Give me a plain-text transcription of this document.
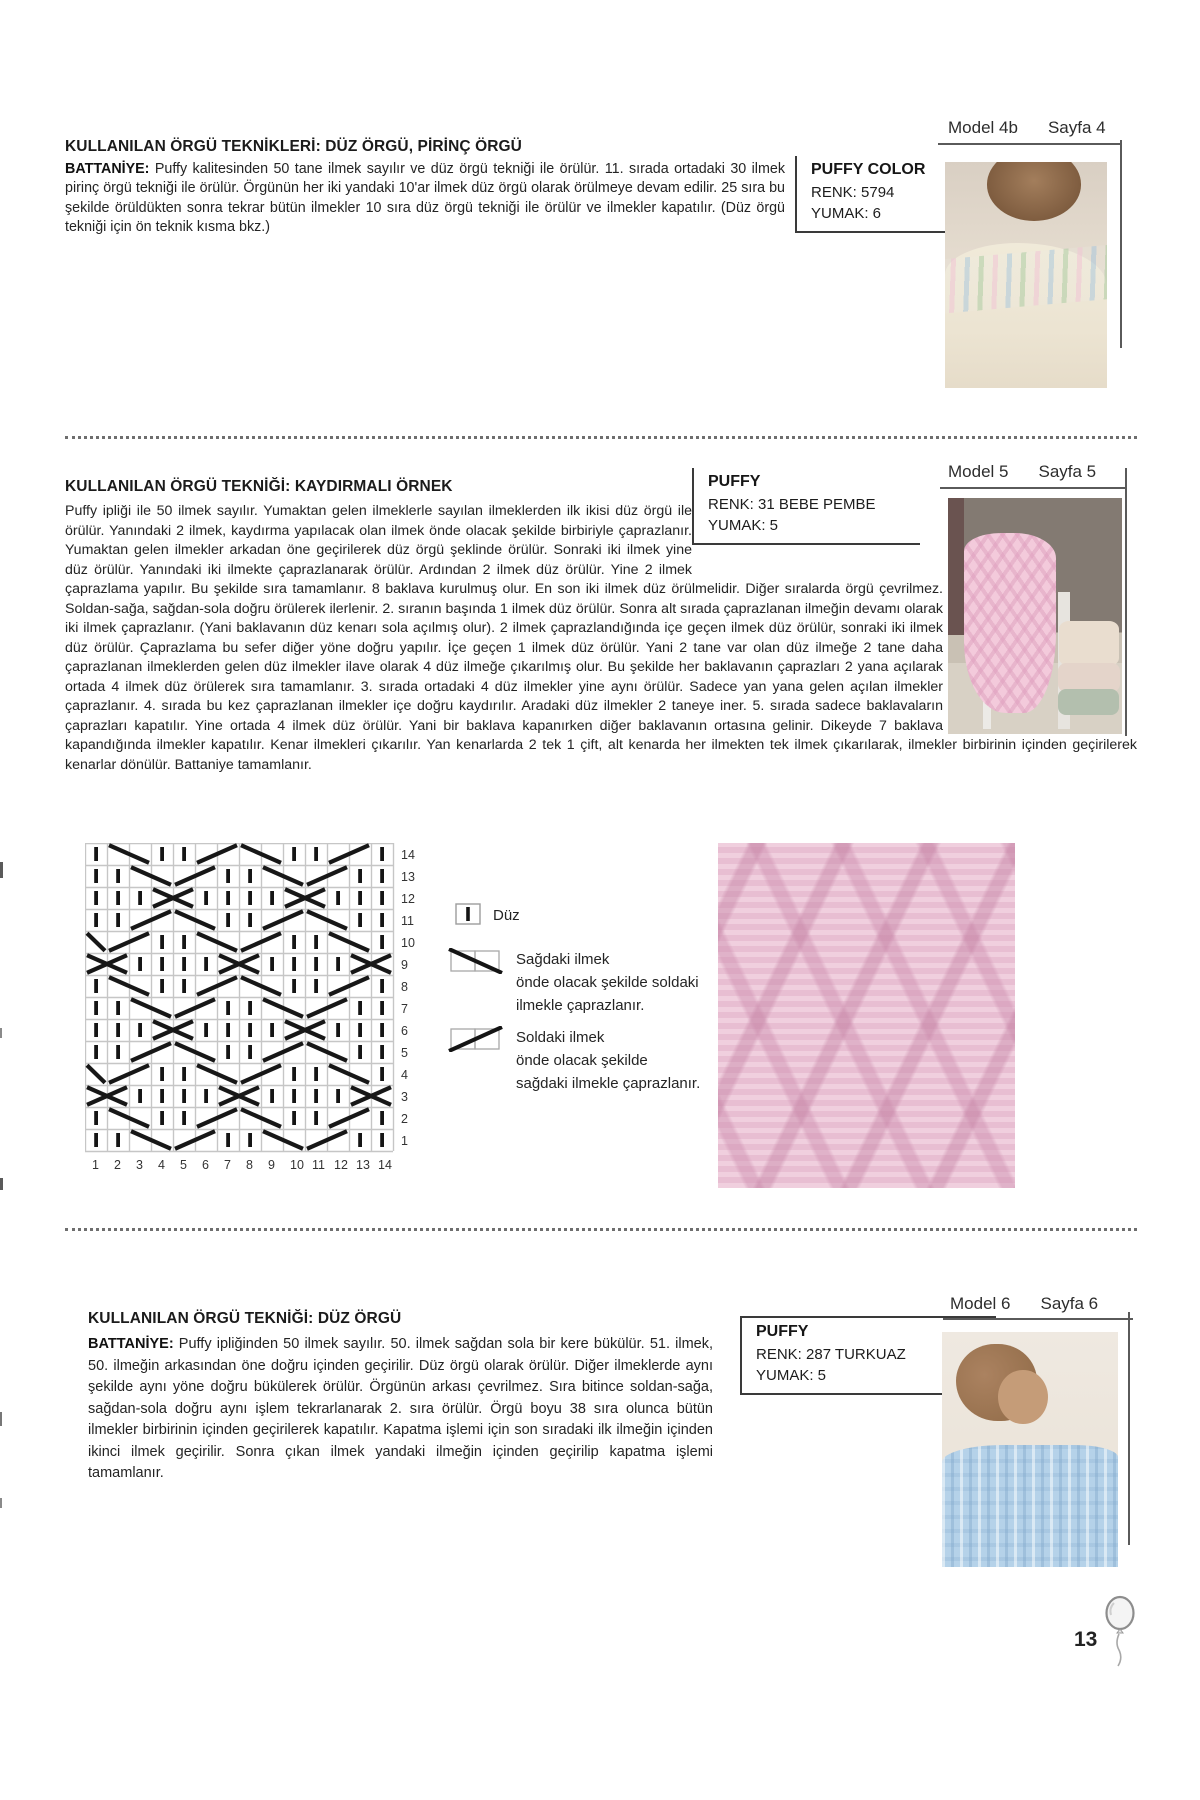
KULLANILAN ÖRGÜ TEKNİKLERİ: DÜZ ÖRGÜ, PİRİNÇ ÖRGÜ

BATTANİYE: Puffy kalitesinden 50 tane ilmek sayılır ve düz örgü tekniği ile örülür. 11. sırada ortadaki 30 ilmek pirinç örgü tekniği ile örülür. Örgünün her iki yandaki 10'ar ilmek düz örgü olarak örülmeye devam edilir. 25 sıra bu şekilde örüldükten sonra tekrar bütün ilmekler 10 sıra düz örgü tekniği ile örülür ve ilmekler kapatılır. (Düz örgü tekniği için ön teknik kısma bkz.)

PUFFY COLOR
RENK: 5794
YUMAK: 6
Model 4b Sayfa 4
KULLANILAN ÖRGÜ TEKNİĞİ: KAYDIRMALI ÖRNEK

Puffy ipliği ile 50 ilmek sayılır. Yumaktan gelen ilmeklerle sayılan ilmeklerden ilk ikisi düz örgü ile örülür. Yanındaki 2 ilmek, kaydırma yapılacak olan ilmek önde olacak şekilde birbiriyle çaprazlanır. Yumaktan gelen ilmekler arkadan öne geçirilerek düz örgü şeklinde örülür. Sonraki iki ilmek yine düz örülür. Yanındaki iki ilmekte çaprazlanarak örülür. Ardından 2 ilmek düz örülür. Yine 2 ilmek çaprazlama yapılır. Bu şekilde sıra tamamlanır. 8 baklava kurulmuş olur. En son iki ilmek düz örülmelidir. Diğer sıralarda örgü çevrilmez. Soldan-sağa, sağdan-sola doğru örülerek ilerlenir. 2. sıranın başında 1 ilmek düz örülür. Sonra alt sırada çaprazlanan ilmeğin devamı olarak iki ilmek çaprazlanır. (Yani baklavanın düz kenarı sola açılmış olur). 2 ilmek çaprazlandığında içe geçen ilmek düz örülür, sonraki iki ilmek düz örülür. Çaprazlama bu sefer diğer yöne doğru yapılır. İçe geçen 1 ilmek düz örülür. Yani 2 tane var olan düz ilmeğe 2 tane daha çaprazlanan ilmeklerden gelen düz ilmekler ilave olarak 4 düz ilmeğe çıkarılmış olur. Bu şekilde her baklavanın çaprazları 2 yana açılarak ortada 4 ilmek düz örülerek sıra tamamlanır. 3. sırada ortadaki 4 düz ilmekler yine aynı örülür. Sadece yan yana gelen açılan ilmekler çaprazlanır. 4. sırada bu kez çaprazlanan ilmekler içe doğru kaydırılır. Aradaki düz ilmekler 2 taneye iner. 5. sırada sadece baklavaların çaprazları kapatılır. Yine ortada 4 ilmek düz örülür. Yani bir baklava kapanırken diğer baklavanın ortasına gelinir. Dikeyde 7 baklava kapandığında ilmekler kapatılır. Kenar ilmekleri çıkarılır. Yan kenarlarda 2 tek 1 çift, alt kenarda her ilmekten tek ilmek çıkarılarak, ilmekler birbirinin içinden geçirilerek kenarlar dönülür. Battaniye tamamlanır.

PUFFY
RENK: 31 BEBE PEMBE
YUMAK: 5
Model 5 Sayfa 5
14
13
12
11
10
9
8
7
6
5
4
3
2
1
1 2 3 4 5 6 7 8 9 10 11 12 13 14
Düz
Sağdaki ilmek
önde olacak şekilde soldaki
ilmekle çaprazlanır.
Soldaki ilmek
önde olacak şekilde
sağdaki ilmekle çaprazlanır.
KULLANILAN ÖRGÜ TEKNİĞİ: DÜZ ÖRGÜ

BATTANİYE: Puffy ipliğinden 50 ilmek sayılır. 50. ilmek sağdan sola bir kere bükülür. 51. ilmek, 50. ilmeğin arkasından öne doğru içinden geçirilir. Düz örgü olarak örülür. Diğer ilmeklerde aynı şekilde aynı yöne doğru bükülerek örülür. Örgünün arkası çevrilmez. Sıra bitince soldan-sağa, sağdan-sola doğru aynı işlem tekrarlanarak 2. sıra örülür. Örgü boyu 38 sıra olunca bütün ilmekler birbirinin içinden geçirilerek kapatılır. Kapatma işlemi için son sıradaki ilk ilmeğin içinden ikinci ilmek geçirilir. Sonra çıkan ilmek yandaki ilmeğin içinden geçirilip kapatma işlemi tamamlanır.

PUFFY
RENK: 287 TURKUAZ
YUMAK: 5
Model 6 Sayfa 6
13
